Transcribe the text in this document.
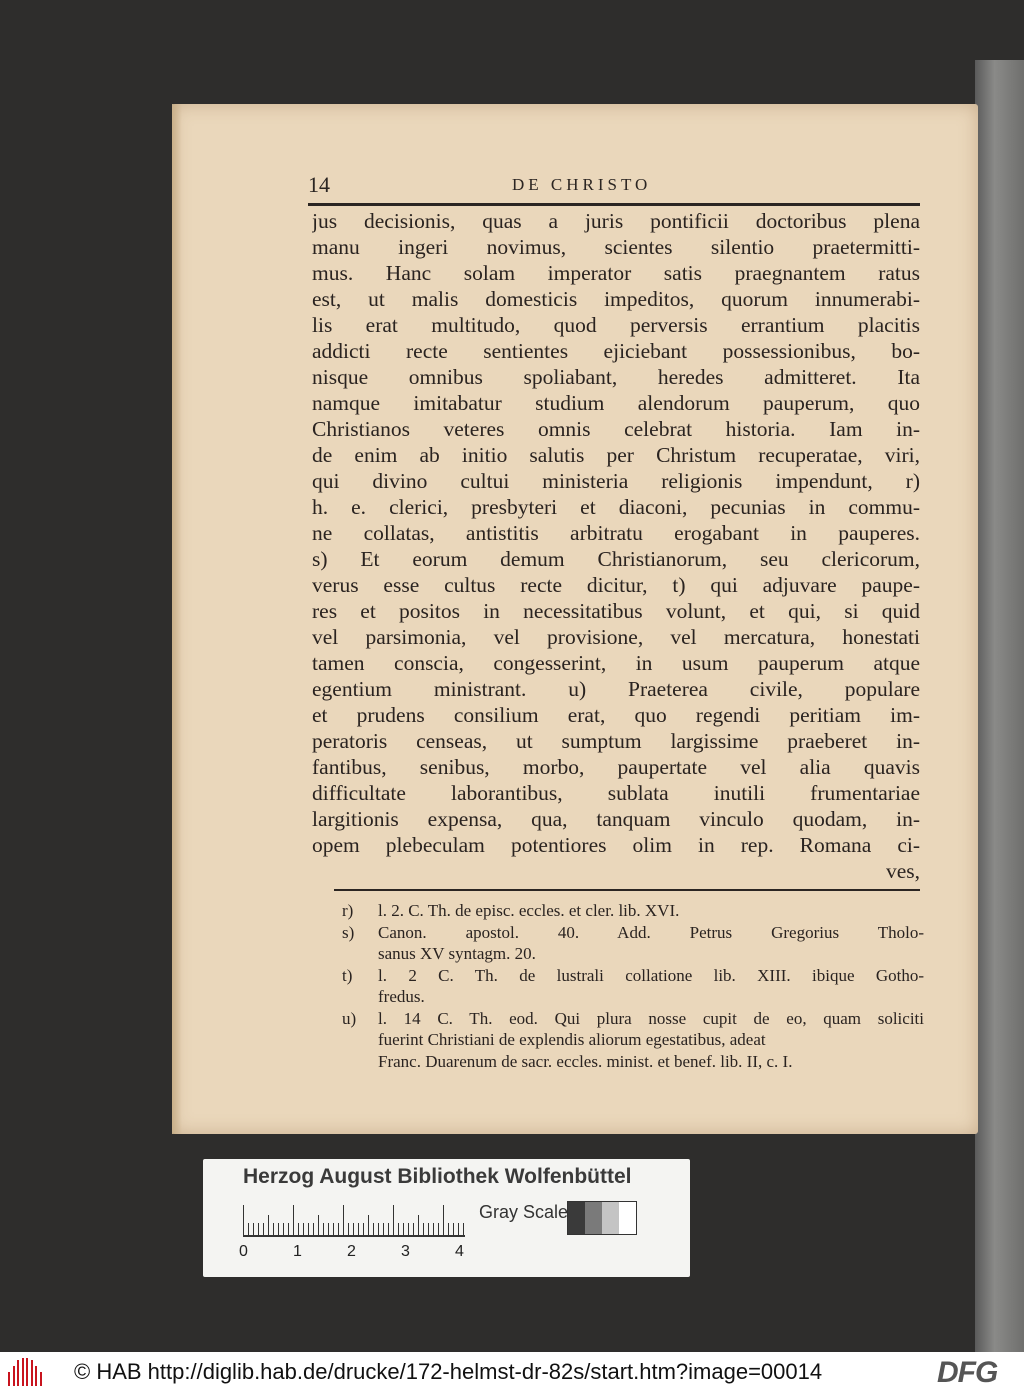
14	DE CHRISTO
jus decisionis, quas a juris pontificii doctoribus plena
manu ingeri novimus, scientes silentio praetermitti-
mus. Hanc solam imperator satis praegnantem ratus
est, ut malis domesticis impeditos, quorum innumerabi-
lis erat multitudo, quod perversis errantium placitis
addicti recte sentientes ejiciebant possessionibus, bo-
nisque omnibus spoliabant, heredes admitteret. Ita
namque imitabatur studium alendorum pauperum, quo
Christianos veteres omnis celebrat historia. Iam in-
de enim ab initio salutis per Christum recuperatae, viri,
qui divino cultui ministeria religionis impendunt, r)
h. e. clerici, presbyteri et diaconi, pecunias in commu-
ne collatas, antistitis arbitratu erogabant in pauperes.
s) Et eorum demum Christianorum, seu clericorum,
verus esse cultus recte dicitur, t) qui adjuvare paupe-
res et positos in necessitatibus volunt, et qui, si quid
vel parsimonia, vel provisione, vel mercatura, honestati
tamen conscia, congesserint, in usum pauperum atque
egentium ministrant. u) Praeterea civile, populare
et prudens consilium erat, quo regendi peritiam im-
peratoris censeas, ut sumptum largissime praeberet in-
fantibus, senibus, morbo, paupertate vel alia quavis
difficultate laborantibus, sublata inutili frumentariae
largitionis expensa, qua, tanquam vinculo quodam, in-
opem plebeculam potentiores olim in rep. Romana ci-
ves,
r) l. 2. C. Th. de episc. eccles. et cler. lib. XVI.
s) Canon. apostol. 40. Add. Petrus Gregorius Tholo-
sanus XV syntagm. 20.
t) l. 2 C. Th. de lustrali collatione lib. XIII. ibique Gotho-
fredus.
u) l. 14 C. Th. eod. Qui plura nosse cupit de eo, quam soliciti
fuerint Christiani de explendis aliorum egestatibus, adeat
Franc. Duarenum de sacr. eccles. minist. et benef. lib. II, c. I.
Herzog August Bibliothek Wolfenbüttel
0	1	2	3	4
Gray Scale
© HAB http://diglib.hab.de/drucke/172-helmst-dr-82s/start.htm?image=00014	DFG
